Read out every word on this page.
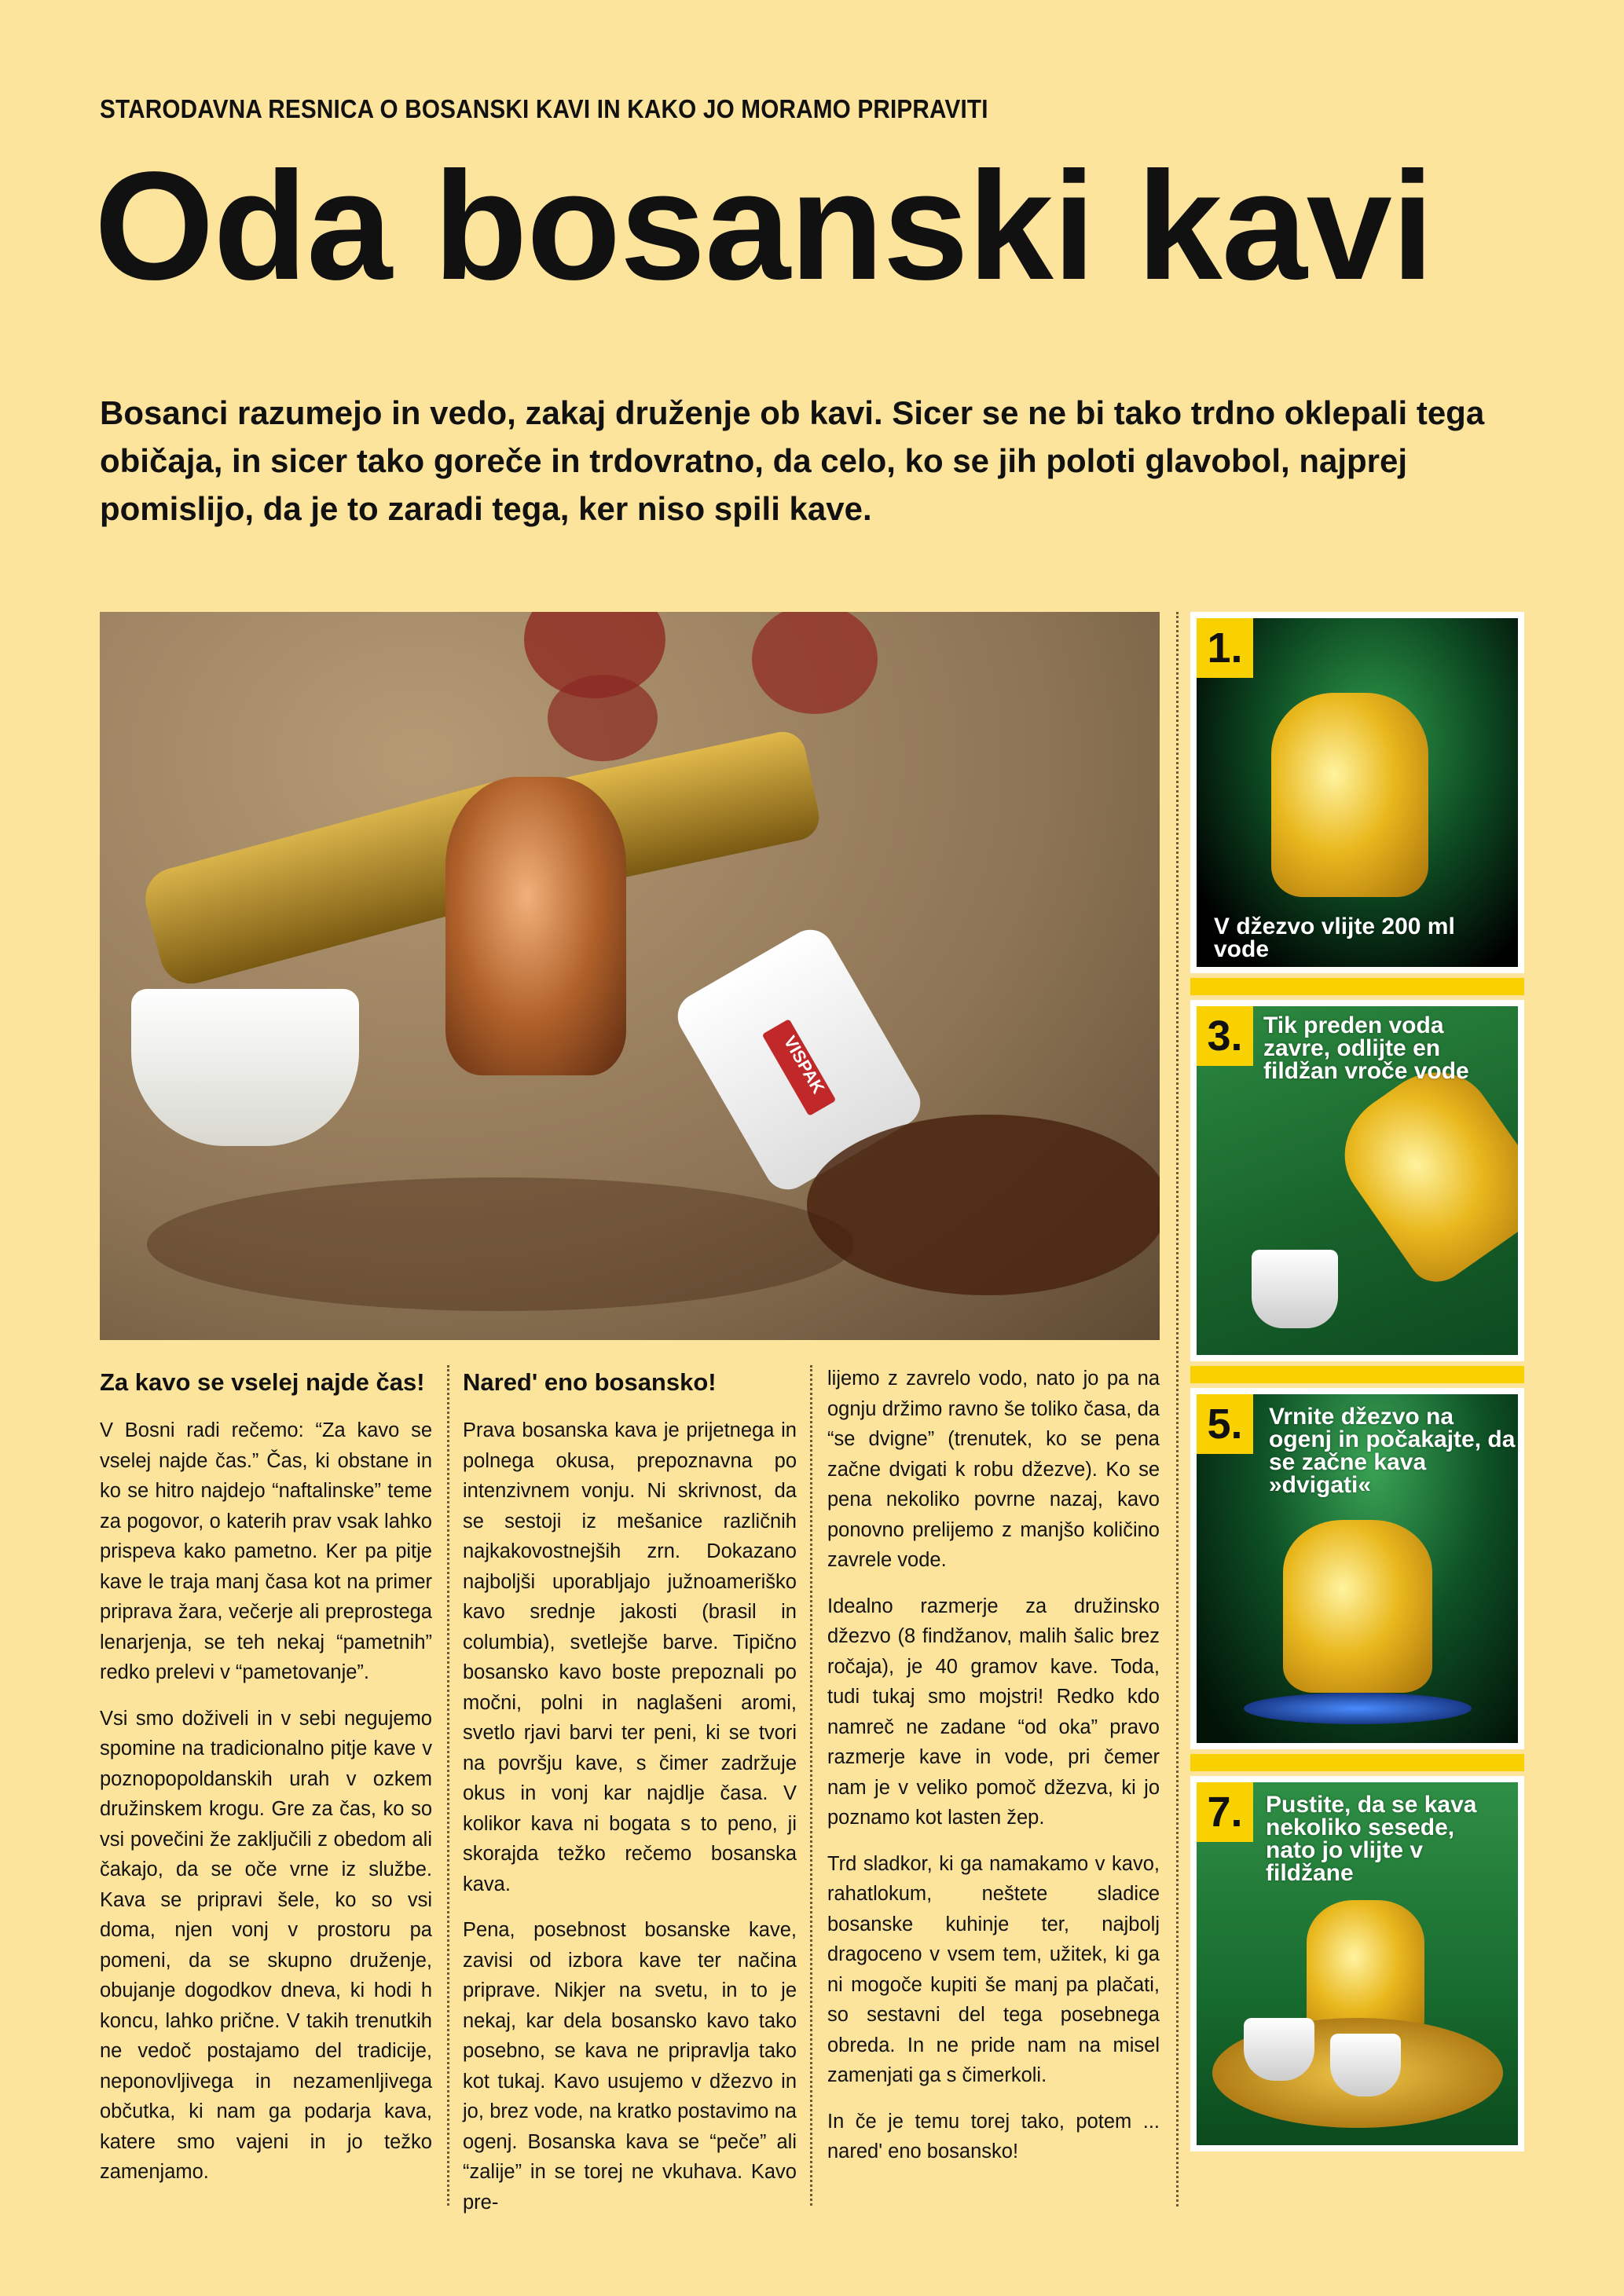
STARODAVNA RESNICA O BOSANSKI KAVI IN KAKO JO MORAMO PRIPRAVITI
Oda bosanski kavi
Bosanci razumejo in vedo, zakaj druženje ob kavi. Sicer se ne bi tako trdno oklepali tega običaja, in sicer tako goreče in trdovratno, da celo, ko se jih poloti glavobol, najprej pomislijo, da je to zaradi tega, ker niso spili kave.
VISPAK
Za kavo se vselej najde čas!

V Bosni radi rečemo: “Za kavo se vselej najde čas.” Čas, ki obstane in ko se hitro najdejo “naftalinske” teme za pogovor, o katerih prav vsak lahko prispeva kako pametno. Ker pa pitje kave le traja manj časa kot na primer priprava žara, večerje ali preprostega lenarjenja, se teh nekaj “pametnih” redko prelevi v “pametovanje”.

Vsi smo doživeli in v sebi negujemo spomine na tradicionalno pitje kave v poznopopoldanskih urah v ozkem družinskem krogu. Gre za čas, ko so vsi povečini že zaključili z obedom ali čakajo, da se oče vrne iz službe. Kava se pripravi šele, ko so vsi doma, njen vonj v prostoru pa pomeni, da se skupno druženje, obujanje dogodkov dneva, ki hodi h koncu, lahko prične. V takih trenutkih ne vedoč postajamo del tradicije, neponovljivega in nezamenljivega občutka, ki nam ga podarja kava, katere smo vajeni in jo težko zamenjamo.

Nared' eno bosansko!

Prava bosanska kava je prijetnega in polnega okusa, prepoznavna po intenzivnem vonju. Ni skrivnost, da se sestoji iz mešanice različnih najkakovostnejših zrn. Dokazano najboljši uporabljajo južnoameriško kavo srednje jakosti (brasil in columbia), svetlejše barve. Tipično bosansko kavo boste prepoznali po močni, polni in naglašeni aromi, svetlo rjavi barvi ter peni, ki se tvori na površju kave, s čimer zadržuje okus in vonj kar najdlje časa. V kolikor kava ni bogata s to peno, ji skorajda težko rečemo bosanska kava.

Pena, posebnost bosanske kave, zavisi od izbora kave ter načina priprave. Nikjer na svetu, in to je nekaj, kar dela bosansko kavo tako posebno, se kava ne pripravlja tako kot tukaj. Kavo usujemo v džezvo in jo, brez vode, na kratko postavimo na ogenj. Bosanska kava se “peče” ali “zalije” in se torej ne vkuhava. Kavo pre-

lijemo z zavrelo vodo, nato jo pa na ognju držimo ravno še toliko časa, da “se dvigne” (trenutek, ko se pena začne dvigati k robu džezve). Ko se pena nekoliko povrne nazaj, kavo ponovno prelijemo z manjšo količino zavrele vode.

Idealno razmerje za družinsko džezvo (8 findžanov, malih šalic brez ročaja), je 40 gramov kave. Toda, tudi tukaj smo mojstri! Redko kdo namreč ne zadane “od oka” pravo razmerje kave in vode, pri čemer nam je v veliko pomoč džezva, ki jo poznamo kot lasten žep.

Trd sladkor, ki ga namakamo v kavo, rahatlokum, neštete sladice bosanske kuhinje ter, najbolj dragoceno v vsem tem, užitek, ki ga ni mogoče kupiti še manj pa plačati, so sestavni del tega posebnega obreda. In ne pride nam na misel zamenjati ga s čimerkoli.

In če je temu torej tako, potem ... nared' eno bosansko!

1.
V džezvo vlijte 200 ml vode
3. Tik preden voda zavre, odlijte en fildžan vroče vode
5.	Vrnite džezvo na ogenj in počakajte, da se začne kava »dvigati«
7. Pustite, da se kava nekoliko sesede, nato jo vlijte v fildžane
